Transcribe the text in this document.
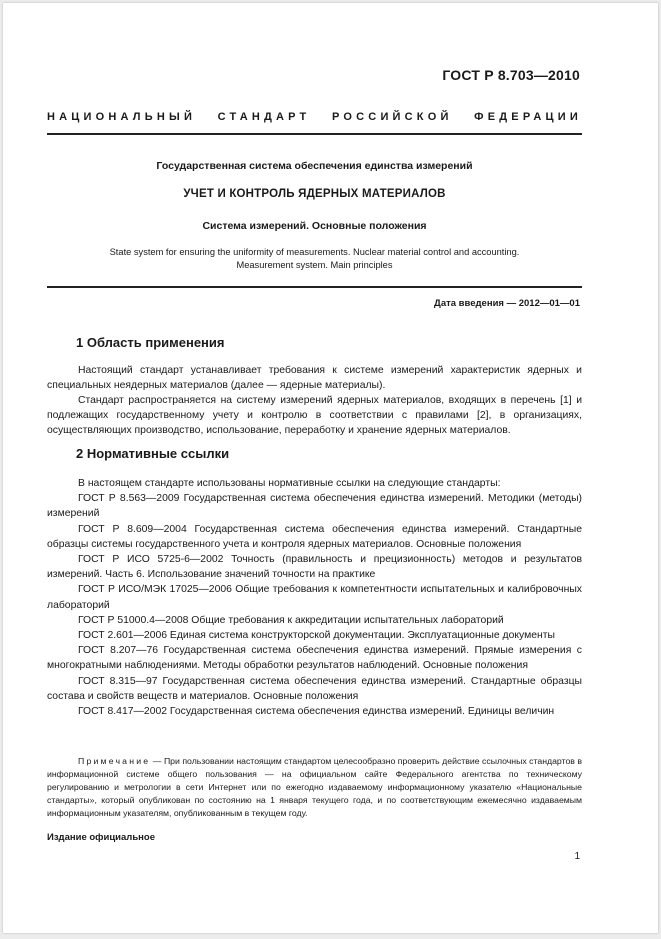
ГОСТ Р 8.703—2010
НАЦИОНАЛЬНЫЙ СТАНДАРТ РОССИЙСКОЙ ФЕДЕРАЦИИ
Государственная система обеспечения единства измерений
УЧЕТ И КОНТРОЛЬ ЯДЕРНЫХ МАТЕРИАЛОВ
Система измерений. Основные положения
State system for ensuring the uniformity of measurements. Nuclear material control and accounting.
Measurement system. Main principles
Дата введения — 2012—01—01
1 Область применения
Настоящий стандарт устанавливает требования к системе измерений характеристик ядерных и специальных неядерных материалов (далее — ядерные материалы).
Стандарт распространяется на систему измерений ядерных материалов, входящих в перечень [1] и подлежащих государственному учету и контролю в соответствии с правилами [2], в организациях, осуществляющих производство, использование, переработку и хранение ядерных материалов.
2 Нормативные ссылки
В настоящем стандарте использованы нормативные ссылки на следующие стандарты:
ГОСТ Р 8.563—2009 Государственная система обеспечения единства измерений. Методики (методы) измерений
ГОСТ Р 8.609—2004 Государственная система обеспечения единства измерений. Стандартные образцы системы государственного учета и контроля ядерных материалов. Основные положения
ГОСТ Р ИСО 5725-6—2002 Точность (правильность и прецизионность) методов и результатов измерений. Часть 6. Использование значений точности на практике
ГОСТ Р ИСО/МЭК 17025—2006 Общие требования к компетентности испытательных и калибровочных лабораторий
ГОСТ Р 51000.4—2008 Общие требования к аккредитации испытательных лабораторий
ГОСТ 2.601—2006 Единая система конструкторской документации. Эксплуатационные документы
ГОСТ 8.207—76 Государственная система обеспечения единства измерений. Прямые измерения с многократными наблюдениями. Методы обработки результатов наблюдений. Основные положения
ГОСТ 8.315—97 Государственная система обеспечения единства измерений. Стандартные образцы состава и свойств веществ и материалов. Основные положения
ГОСТ 8.417—2002 Государственная система обеспечения единства измерений. Единицы величин
Примечание — При пользовании настоящим стандартом целесообразно проверить действие ссылочных стандартов в информационной системе общего пользования — на официальном сайте Федерального агентства по техническому регулированию и метрологии в сети Интернет или по ежегодно издаваемому информационному указателю «Национальные стандарты», который опубликован по состоянию на 1 января текущего года, и по соответствующим ежемесячно издаваемым информационным указателям, опубликованным в текущем году.
Издание официальное
1
